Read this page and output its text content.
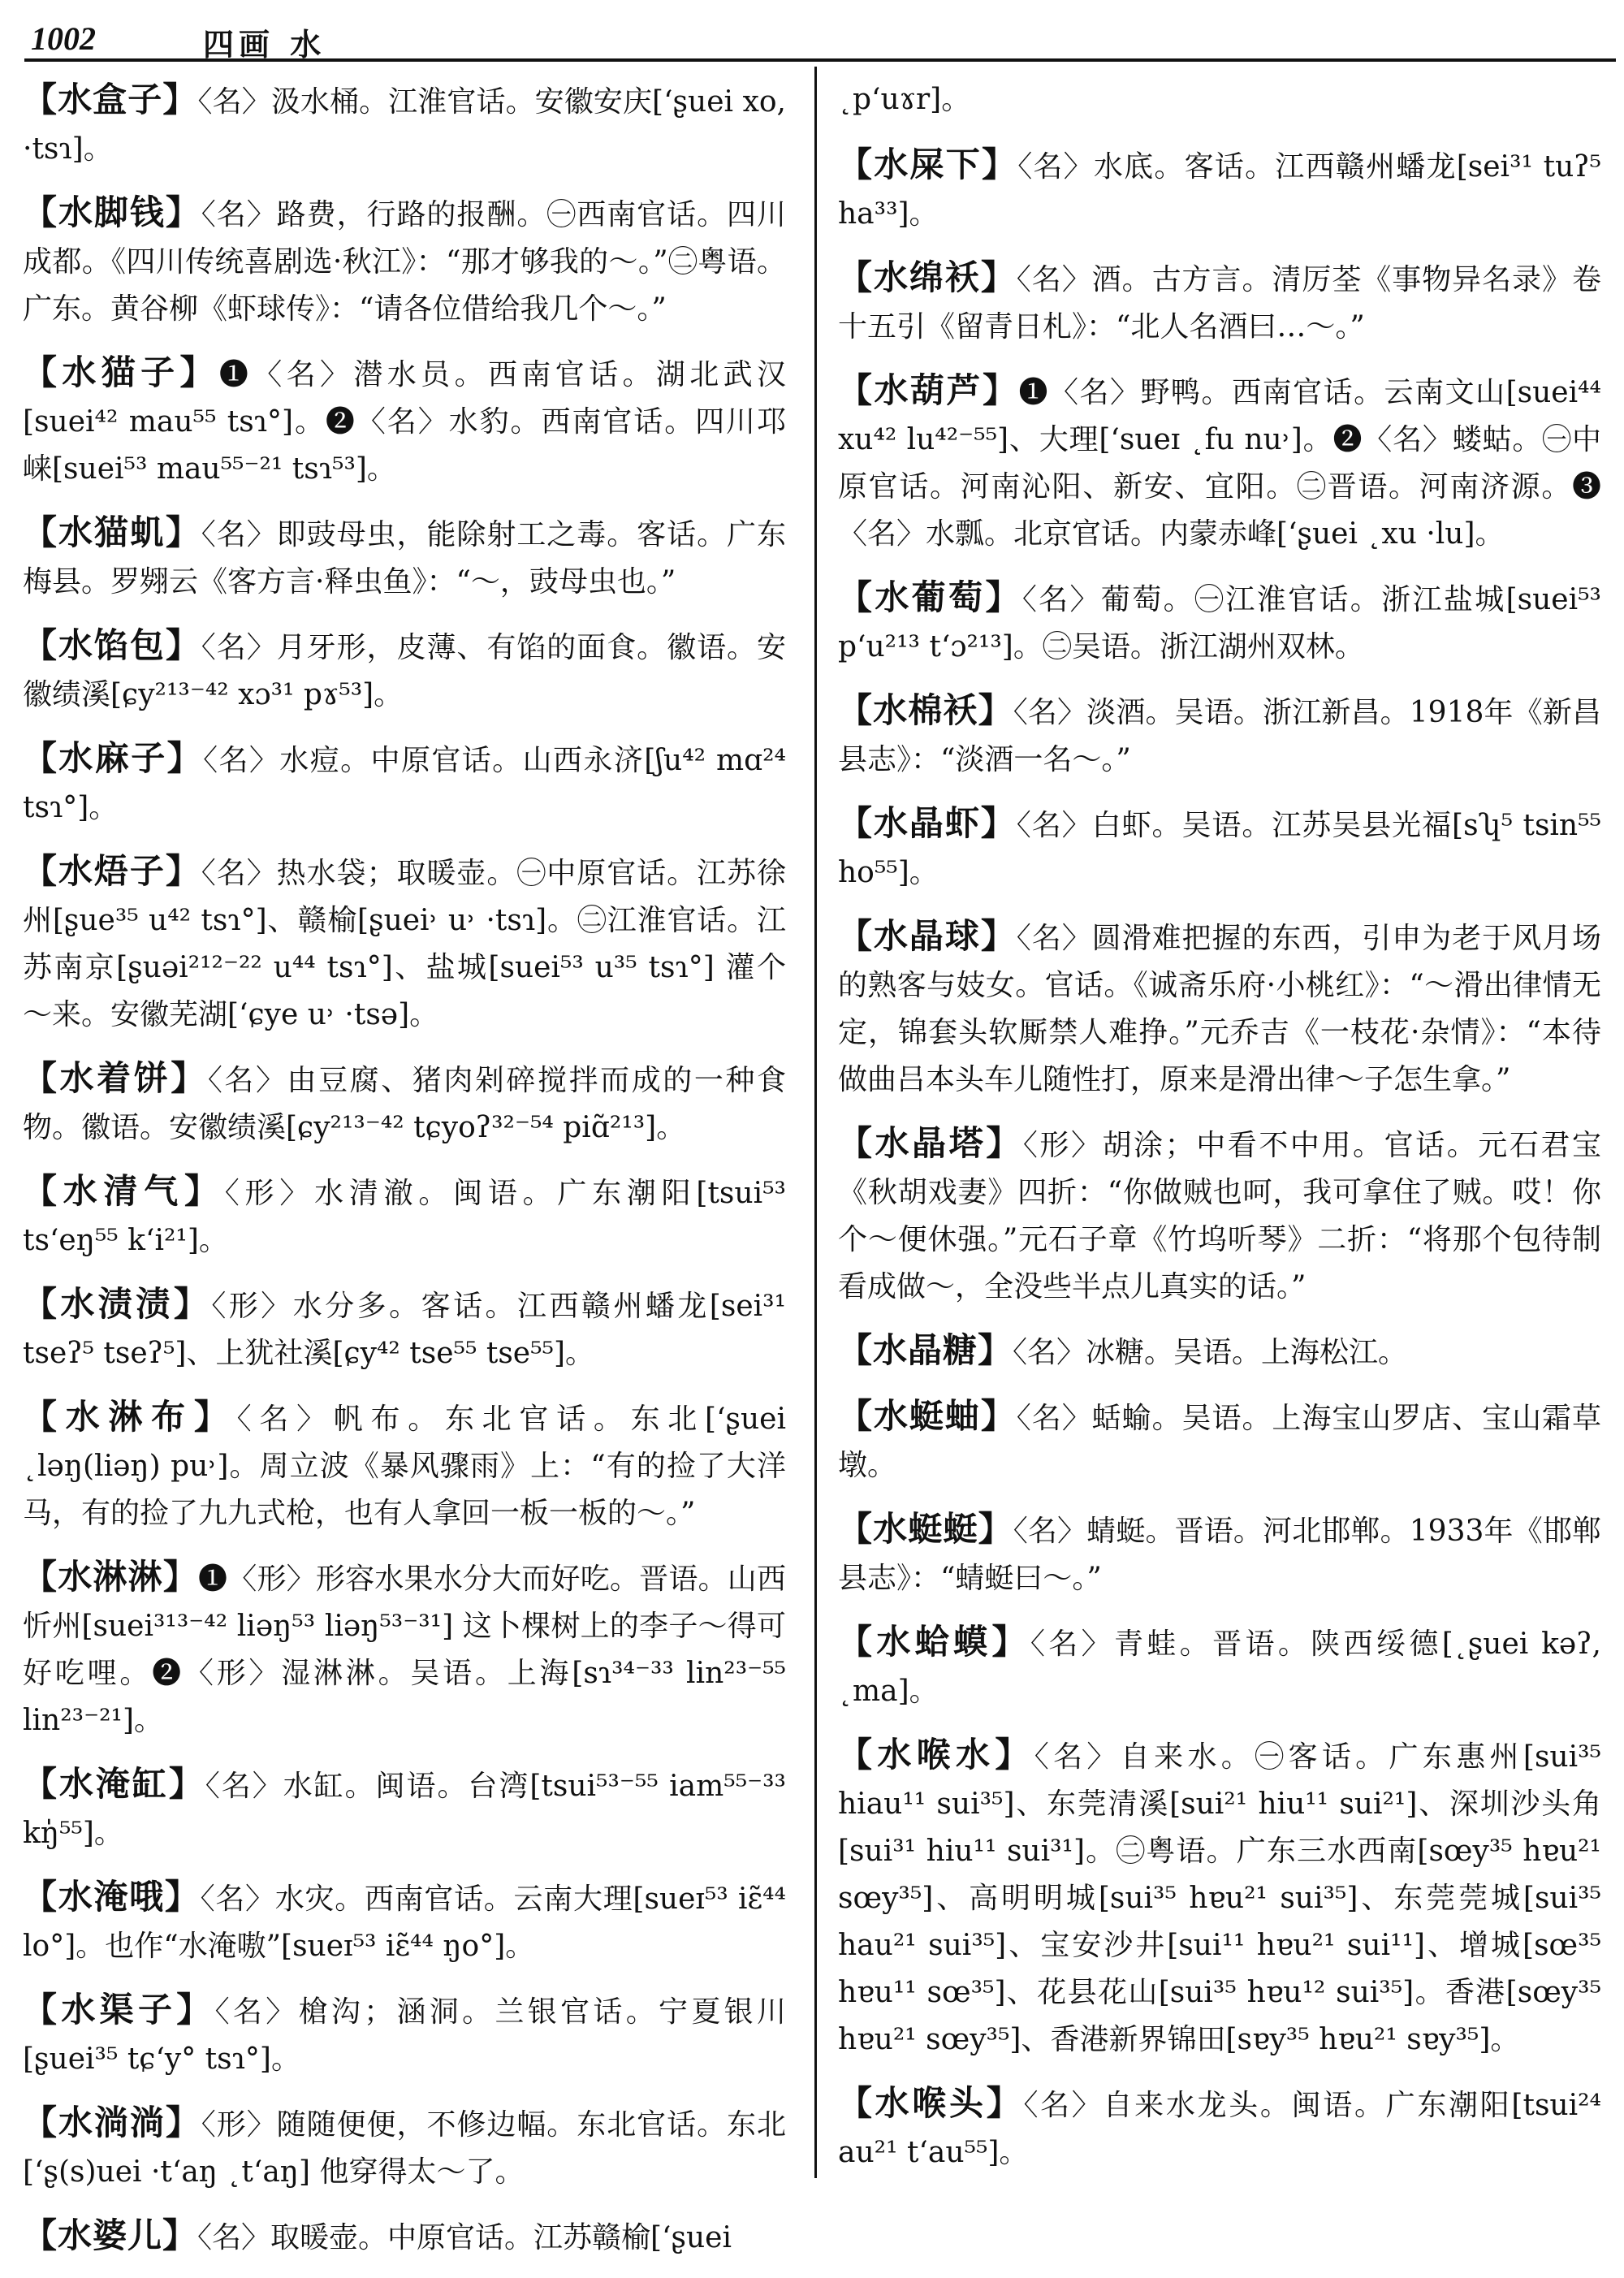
1002	四画 水
【水盒子】〈名〉汲水桶。江淮官话。安徽安庆[ʻʂuei xo, ·tsɿ]。
【水脚钱】〈名〉路费，行路的报酬。㊀西南官话。四川成都。《四川传统喜剧选·秋江》：“那才够我的～。”㊁粤语。广东。黄谷柳《虾球传》：“请各位借给我几个～。”
【水猫子】❶〈名〉潜水员。西南官话。湖北武汉[suei⁴² mau⁵⁵ tsɿ°]。❷〈名〉水豹。西南官话。四川邛崃[suei⁵³ mau⁵⁵⁻²¹ tsɿ⁵³]。
【水猫虮】〈名〉即豉母虫，能除射工之毒。客话。广东梅县。罗翙云《客方言·释虫鱼》：“～，豉母虫也。”
【水馅包】〈名〉月牙形，皮薄、有馅的面食。徽语。安徽绩溪[ɕy²¹³⁻⁴² xɔ³¹ pɤ⁵³]。
【水麻子】〈名〉水痘。中原官话。山西永济[ʃu⁴² mɑ²⁴ tsɿ°]。
【水焐子】〈名〉热水袋；取暖壶。㊀中原官话。江苏徐州[ʂue³⁵ u⁴² tsɿ°]、赣榆[ʂuei˒ u˒ ·tsɿ]。㊁江淮官话。江苏南京[ʂuəi²¹²⁻²² u⁴⁴ tsɿ°]、盐城[suei⁵³ u³⁵ tsɿ°] 灌个～来。安徽芜湖[ʻɕye u˒ ·tsə]。
【水着饼】〈名〉由豆腐、猪肉剁碎搅拌而成的一种食物。徽语。安徽绩溪[ɕy²¹³⁻⁴² tɕyoʔ³²⁻⁵⁴ piɑ̃²¹³]。
【水清气】〈形〉水清澈。闽语。广东潮阳[tsui⁵³ tsʻeŋ⁵⁵ kʻi²¹]。
【水渍渍】〈形〉水分多。客话。江西赣州蟠龙[sei³¹ tseʔ⁵ tseʔ⁵]、上犹社溪[ɕy⁴² tse⁵⁵ tse⁵⁵]。
【水淋布】〈名〉帆布。东北官话。东北[ʻʂuei ˛ləŋ(liəŋ) pu˒]。周立波《暴风骤雨》上：“有的捡了大洋马，有的捡了九九式枪，也有人拿回一板一板的～。”
【水淋淋】❶〈形〉形容水果水分大而好吃。晋语。山西忻州[suei³¹³⁻⁴² liəŋ⁵³ liəŋ⁵³⁻³¹] 这卜棵树上的李子～得可好吃哩。❷〈形〉湿淋淋。吴语。上海[sɿ³⁴⁻³³ lin²³⁻⁵⁵ lin²³⁻²¹]。
【水淹缸】〈名〉水缸。闽语。台湾[tsui⁵³⁻⁵⁵ iam⁵⁵⁻³³ kŋ̍⁵⁵]。
【水淹哦】〈名〉水灾。西南官话。云南大理[sueɪ⁵³ iɛ̃⁴⁴ lo°]。也作“水淹嗷”[sueɪ⁵³ iɛ̃⁴⁴ ŋo°]。
【水渠子】〈名〉槍沟；涵洞。兰银官话。宁夏银川[ʂuei³⁵ tɕʻy° tsɿ°]。
【水淌淌】〈形〉随随便便，不修边幅。东北官话。东北[ʻʂ(s)uei ·tʻaŋ ˛tʻaŋ] 他穿得太～了。
【水婆儿】〈名〉取暖壶。中原官话。江苏赣榆[ʻʂuei
˛pʻuɤr]。
【水屎下】〈名〉水底。客话。江西赣州蟠龙[sei³¹ tuʔ⁵ ha³³]。
【水绵袄】〈名〉酒。古方言。清厉荃《事物异名录》卷十五引《留青日札》：“北人名酒曰…～。”
【水葫芦】❶〈名〉野鸭。西南官话。云南文山[suei⁴⁴ xu⁴² lu⁴²⁻⁵⁵]、大理[ʻsueɪ ˛fu nu˒]。❷〈名〉蝼蛄。㊀中原官话。河南沁阳、新安、宜阳。㊁晋语。河南济源。❸〈名〉水瓢。北京官话。内蒙赤峰[ʻʂuei ˛xu ·lu]。
【水葡萄】〈名〉葡萄。㊀江淮官话。浙江盐城[suei⁵³ pʻu²¹³ tʻɔ²¹³]。㊁吴语。浙江湖州双林。
【水棉袄】〈名〉淡酒。吴语。浙江新昌。1918年《新昌县志》：“淡酒一名～。”
【水晶虾】〈名〉白虾。吴语。江苏吴县光福[sʮ⁵ tsin⁵⁵ ho⁵⁵]。
【水晶球】〈名〉圆滑难把握的东西，引申为老于风月场的熟客与妓女。官话。《诚斋乐府·小桃红》：“～滑出律情无定，锦套头软厮禁人难挣。”元乔吉《一枝花·杂情》：“本待做曲吕本头车儿随性打，原来是滑出律～子怎生拿。”
【水晶塔】〈形〉胡涂；中看不中用。官话。元石君宝《秋胡戏妻》四折：“你做贼也呵，我可拿住了贼。哎！你个～便休强。”元石子章《竹坞听琴》二折：“将那个包待制看成做～，全没些半点儿真实的话。”
【水晶糖】〈名〉冰糖。吴语。上海松江。
【水蜓蚰】〈名〉蛞蝓。吴语。上海宝山罗店、宝山霜草墩。
【水蜓蜓】〈名〉蜻蜓。晋语。河北邯郸。1933年《邯郸县志》：“蜻蜓曰～。”
【水蛤蟆】〈名〉青蛙。晋语。陕西绥德[˛ʂuei kəʔ, ˛ma]。
【水喉水】〈名〉自来水。㊀客话。广东惠州[sui³⁵ hiau¹¹ sui³⁵]、东莞清溪[sui²¹ hiu¹¹ sui²¹]、深圳沙头角[sui³¹ hiu¹¹ sui³¹]。㊁粤语。广东三水西南[sœy³⁵ hɐu²¹ sœy³⁵]、高明明城[sui³⁵ hɐu²¹ sui³⁵]、东莞莞城[sui³⁵ hau²¹ sui³⁵]、宝安沙井[sui¹¹ hɐu²¹ sui¹¹]、增城[sœ³⁵ hɐu¹¹ sœ³⁵]、花县花山[sui³⁵ hɐu¹² sui³⁵]。香港[sœy³⁵ hɐu²¹ sœy³⁵]、香港新界锦田[sɐy³⁵ hɐu²¹ sɐy³⁵]。
【水喉头】〈名〉自来水龙头。闽语。广东潮阳[tsui²⁴ au²¹ tʻau⁵⁵]。
